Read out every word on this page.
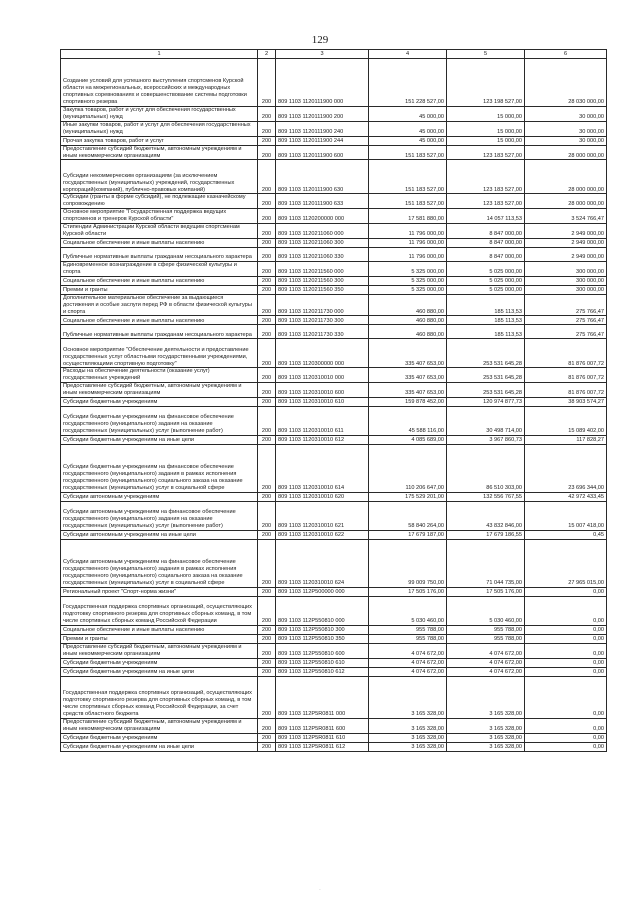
129
1	2	3	4	5	6
Создание условий для успешного выступления спортсменов Курской области на межрегиональных, всероссийских и международных спортивных соревнованиях и совершенствование системы подготовки спортивного резерва	200	809 1103 1120111900 000	151 228 527,00	123 198 527,00	28 030 000,00
Закупка товаров, работ и услуг для обеспечения государственных (муниципальных) нужд	200	809 1103 1120111900 200	45 000,00	15 000,00	30 000,00
Иные закупки товаров, работ и услуг для обеспечения государственных (муниципальных) нужд	200	809 1103 1120111900 240	45 000,00	15 000,00	30 000,00
Прочая закупка товаров, работ и услуг	200	809 1103 1120111900 244	45 000,00	15 000,00	30 000,00
Предоставление субсидий бюджетным, автономным учреждениям и иным некоммерческим организациям	200	809 1103 1120111900 600	151 183 527,00	123 183 527,00	28 000 000,00
Субсидии некоммерческим организациям (за исключением государственных (муниципальных) учреждений, государственных корпораций(компаний), публично-правовых компаний)	200	809 1103 1120111900 630	151 183 527,00	123 183 527,00	28 000 000,00
Субсидии (гранты в форме субсидий), не подлежащие казначейскому сопровождению	200	809 1103 1120111900 633	151 183 527,00	123 183 527,00	28 000 000,00
Основное мероприятие "Государственная поддержка ведущих спортсменов и тренеров Курской области"	200	809 1103 1120200000 000	17 581 880,00	14 057 113,53	3 524 766,47
Стипендии Администрации Курской области ведущим спортсменам Курской области	200	809 1103 1120211060 000	11 796 000,00	8 847 000,00	2 949 000,00
Социальное обеспечение и иные выплаты населению	200	809 1103 1120211060 300	11 796 000,00	8 847 000,00	2 949 000,00
Публичные нормативные выплаты гражданам несоциального характера	200	809 1103 1120211060 330	11 796 000,00	8 847 000,00	2 949 000,00
Единовременное вознаграждение в сфере физической культуры и спорта	200	809 1103 1120211560 000	5 325 000,00	5 025 000,00	300 000,00
Социальное обеспечение и иные выплаты населению	200	809 1103 1120211560 300	5 325 000,00	5 025 000,00	300 000,00
Премии и гранты	200	809 1103 1120211560 350	5 325 000,00	5 025 000,00	300 000,00
Дополнительное материальное обеспечение за выдающиеся достижения и особые заслуги перед РФ в области физической культуры и спорта	200	809 1103 1120211730 000	460 880,00	185 113,53	275 766,47
Социальное обеспечение и иные выплаты населению	200	809 1103 1120211730 300	460 880,00	185 113,53	275 766,47
Публичные нормативные выплаты гражданам несоциального характера	200	809 1103 1120211730 330	460 880,00	185 113,53	275 766,47
Основное мероприятие "Обеспечение деятельности и предоставление государственных услуг областными государственными учреждениями, осуществляющими спортивную подготовку"	200	809 1103 1120300000 000	335 407 653,00	253 531 645,28	81 876 007,72
Расходы на обеспечение деятельности (оказание услуг) государственных учреждений	200	809 1103 1120310010 000	335 407 653,00	253 531 645,28	81 876 007,72
Предоставление субсидий бюджетным, автономным учреждениям и иным некоммерческим организациям	200	809 1103 1120310010 600	335 407 653,00	253 531 645,28	81 876 007,72
Субсидии бюджетным учреждениям	200	809 1103 1120310010 610	159 878 452,00	120 974 877,73	38 903 574,27
Субсидии бюджетным учреждениям на финансовое обеспечение государственного (муниципального) задания на оказание государственных (муниципальных) услуг (выполнение работ)	200	809 1103 1120310010 611	45 588 116,00	30 498 714,00	15 089 402,00
Субсидии бюджетным учреждениям на иные цели	200	809 1103 1120310010 612	4 085 689,00	3 967 860,73	117 828,27
Субсидии бюджетным учреждениям на финансовое обеспечение государственного (муниципального) задания в рамках исполнения государственного (муниципального) социального заказа на оказание государственных (муниципальных) услуг в социальной сфере	200	809 1103 1120310010 614	110 206 647,00	86 510 303,00	23 696 344,00
Субсидии автономным учреждениям	200	809 1103 1120310010 620	175 529 201,00	132 556 767,55	42 972 433,45
Субсидии автономным учреждениям на финансовое обеспечение государственного (муниципального) задания на оказание государственных (муниципальных) услуг (выполнение работ)	200	809 1103 1120310010 621	58 840 264,00	43 832 846,00	15 007 418,00
Субсидии автономным учреждениям на иные цели	200	809 1103 1120310010 622	17 679 187,00	17 679 186,55	0,45
Субсидии автономным учреждениям на финансовое обеспечение государственного (муниципального) задания в рамках исполнения государственного (муниципального) социального заказа на оказание государственных (муниципальных) услуг в социальной сфере	200	809 1103 1120310010 624	99 009 750,00	71 044 735,00	27 965 015,00
Региональный проект "Спорт-норма жизни"	200	809 1103 112P500000 000	17 505 176,00	17 505 176,00	0,00
Государственная поддержка спортивных организаций, осуществляющих подготовку спортивного резерва для спортивных сборных команд, в том числе спортивных сборных команд Российской Федерации	200	809 1103 112P550810 000	5 030 460,00	5 030 460,00	0,00
Социальное обеспечение и иные выплаты населению	200	809 1103 112P550810 300	955 788,00	955 788,00	0,00
Премии и гранты	200	809 1103 112P550810 350	955 788,00	955 788,00	0,00
Предоставление субсидий бюджетным, автономным учреждениям и иным некоммерческим организациям	200	809 1103 112P550810 600	4 074 672,00	4 074 672,00	0,00
Субсидии бюджетным учреждениям	200	809 1103 112P550810 610	4 074 672,00	4 074 672,00	0,00
Субсидии бюджетным учреждениям на иные цели	200	809 1103 112P550810 612	4 074 672,00	4 074 672,00	0,00
Государственная поддержка спортивных организаций, осуществляющих подготовку спортивного резерва для спортивных сборных команд, в том числе спортивных сборных команд Российской Федерации, за счет средств областного бюджета	200	809 1103 112P5R0811 000	3 165 328,00	3 165 328,00	0,00
Предоставление субсидий бюджетным, автономным учреждениям и иным некоммерческим организациям	200	809 1103 112P5R0811 600	3 165 328,00	3 165 328,00	0,00
Субсидии бюджетным учреждениям	200	809 1103 112P5R0811 610	3 165 328,00	3 165 328,00	0,00
Субсидии бюджетным учреждениям на иные цели	200	809 1103 112P5R0811 612	3 165 328,00	3 165 328,00	0,00
·
